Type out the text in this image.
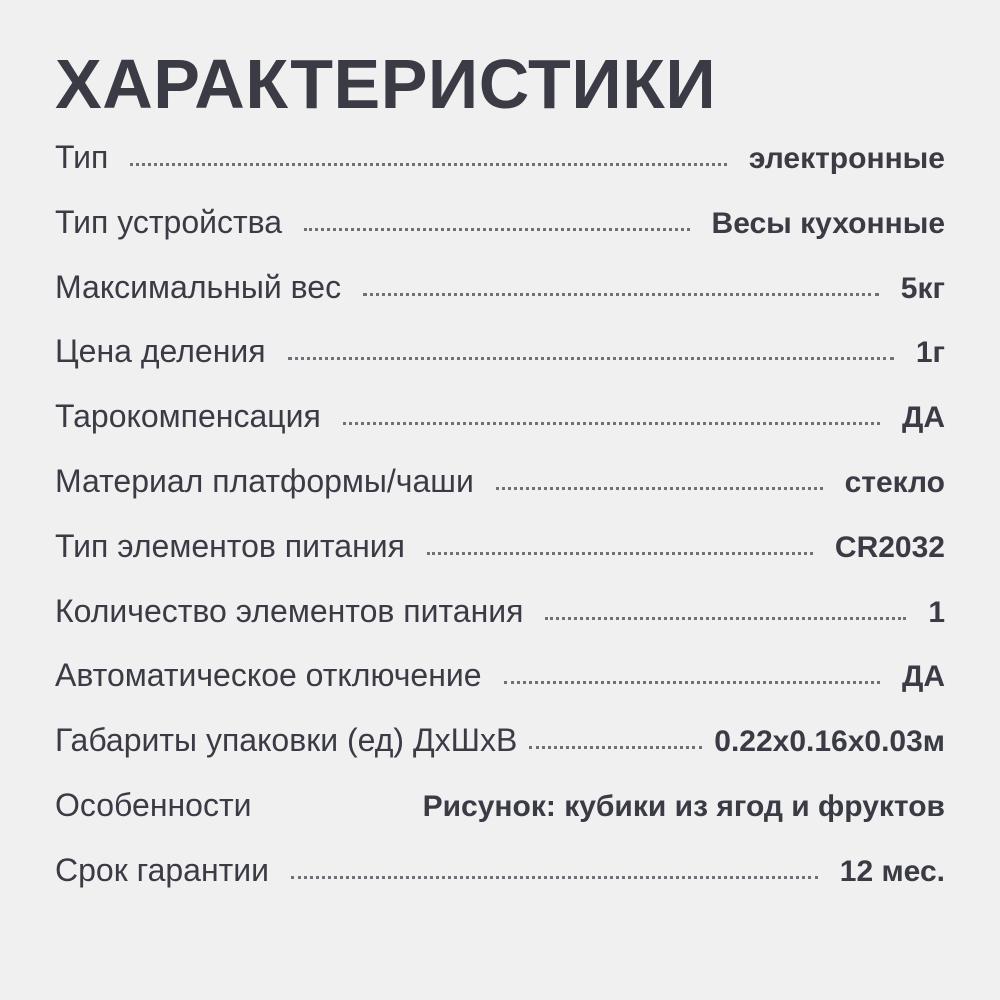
ХАРАКТЕРИСТИКИ
Тип	электронные
Тип устройства	Весы кухонные
Максимальный вес	5кг
Цена деления	1г
Тарокомпенсация	ДА
Материал платформы/чаши	стекло
Тип элементов питания	CR2032
Количество элементов питания	1
Автоматическое отключение	ДА
Габариты упаковки (ед) ДхШхВ	0.22x0.16x0.03м
Особенности	Рисунок: кубики из ягод и фруктов
Срок гарантии	12 мес.
